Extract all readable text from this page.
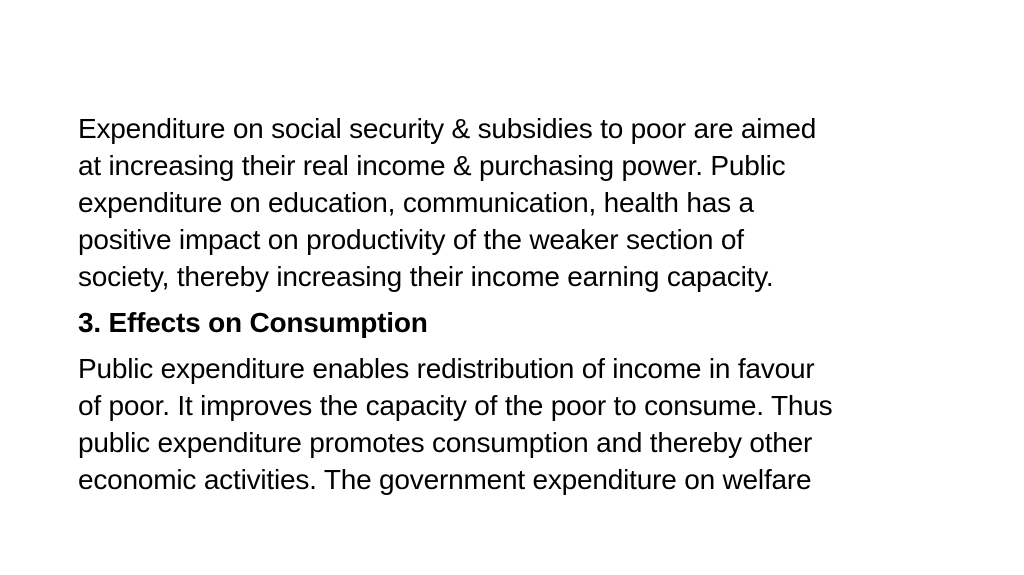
Expenditure on social security & subsidies to poor are aimed
at increasing their real income & purchasing power. Public
expenditure on education, communication, health has a
positive impact on productivity of the weaker section of
society, thereby increasing their income earning capacity.

3. Effects on Consumption

Public expenditure enables redistribution of income in favour
of poor. It improves the capacity of the poor to consume. Thus
public expenditure promotes consumption and thereby other
economic activities. The government expenditure on welfare
